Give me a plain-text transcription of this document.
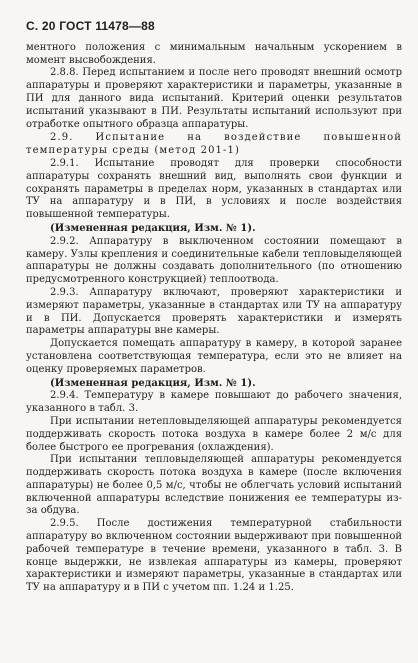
С. 20 ГОСТ 11478—88

ментного положения с минимальным начальным ускорением в момент высвобождения.

2.8.8. Перед испытанием и после него проводят внешний осмотр аппаратуры и проверяют характеристики и параметры, указанные в ПИ для данного вида испытаний. Критерий оценки результатов испытаний указывают в ПИ. Результаты испытаний используют при отработке опытного образца аппаратуры.

2.9. Испытание на воздействие повышенной температуры среды (метод 201-1)

2.9.1. Испытание проводят для проверки способности аппаратуры сохранять внешний вид, выполнять свои функции и сохранять параметры в пределах норм, указанных в стандартах или ТУ на аппаратуру и в ПИ, в условиях и после воздействия повышенной температуры.

(Измененная редакция, Изм. № 1).

2.9.2. Аппаратуру в выключенном состоянии помещают в камеру. Узлы крепления и соединительные кабели тепловыделяющей аппаратуры не должны создавать дополнительного (по отношению предусмотренного конструкцией) теплоотвода.

2.9.3. Аппаратуру включают, проверяют характеристики и измеряют параметры, указанные в стандартах или ТУ на аппаратуру и в ПИ. Допускается проверять характеристики и измерять параметры аппаратуры вне камеры.

Допускается помещать аппаратуру в камеру, в которой заранее установлена соответствующая температура, если это не влияет на оценку проверяемых параметров.

(Измененная редакция, Изм. № 1).

2.9.4. Температуру в камере повышают до рабочего значения, указанного в табл. 3.

При испытании нетепловыделяющей аппаратуры рекомендуется поддерживать скорость потока воздуха в камере более 2 м/с для более быстрого ее прогревания (охлаждения).

При испытании тепловыделяющей аппаратуры рекомендуется поддерживать скорость потока воздуха в камере (после включения аппаратуры) не более 0,5 м/с, чтобы не облегчать условий испытаний включенной аппаратуры вследствие понижения ее температуры из-за обдува.

2.9.5. После достижения температурной стабильности аппаратуру во включенном состоянии выдерживают при повышенной рабочей температуре в течение времени, указанного в табл. 3. В конце выдержки, не извлекая аппаратуры из камеры, проверяют характеристики и измеряют параметры, указанные в стандартах или ТУ на аппаратуру и в ПИ с учетом пп. 1.24 и 1.25.
